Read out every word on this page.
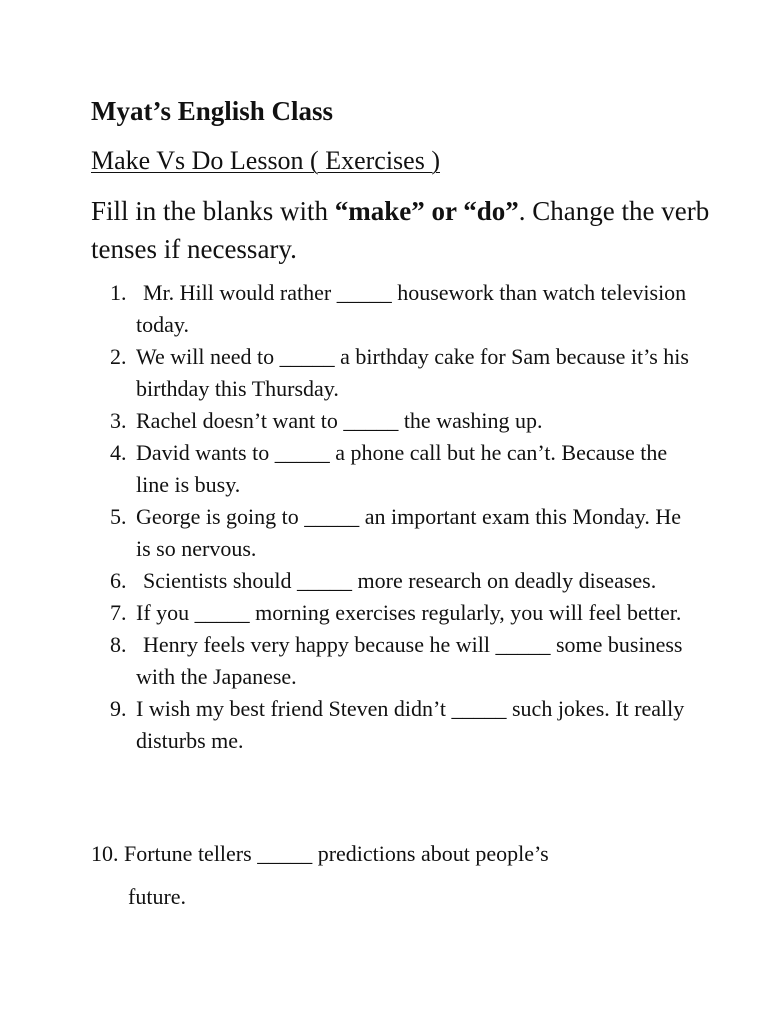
Myat’s English Class
Make Vs Do Lesson ( Exercises )
Fill in the blanks with “make” or “do”. Change the verb tenses if necessary.
1. Mr. Hill would rather _____ housework than watch television today.
2. We will need to _____ a birthday cake for Sam because it’s his birthday this Thursday.
3. Rachel doesn’t want to _____ the washing up.
4. David wants to _____ a phone call but he can’t. Because the line is busy.
5. George is going to _____ an important exam this Monday. He is so nervous.
6. Scientists should _____ more research on deadly diseases.
7. If you _____ morning exercises regularly, you will feel better.
8. Henry feels very happy because he will _____ some business with the Japanese.
9. I wish my best friend Steven didn’t _____ such jokes. It really disturbs me.
10. Fortune tellers _____ predictions about people’s
future.
